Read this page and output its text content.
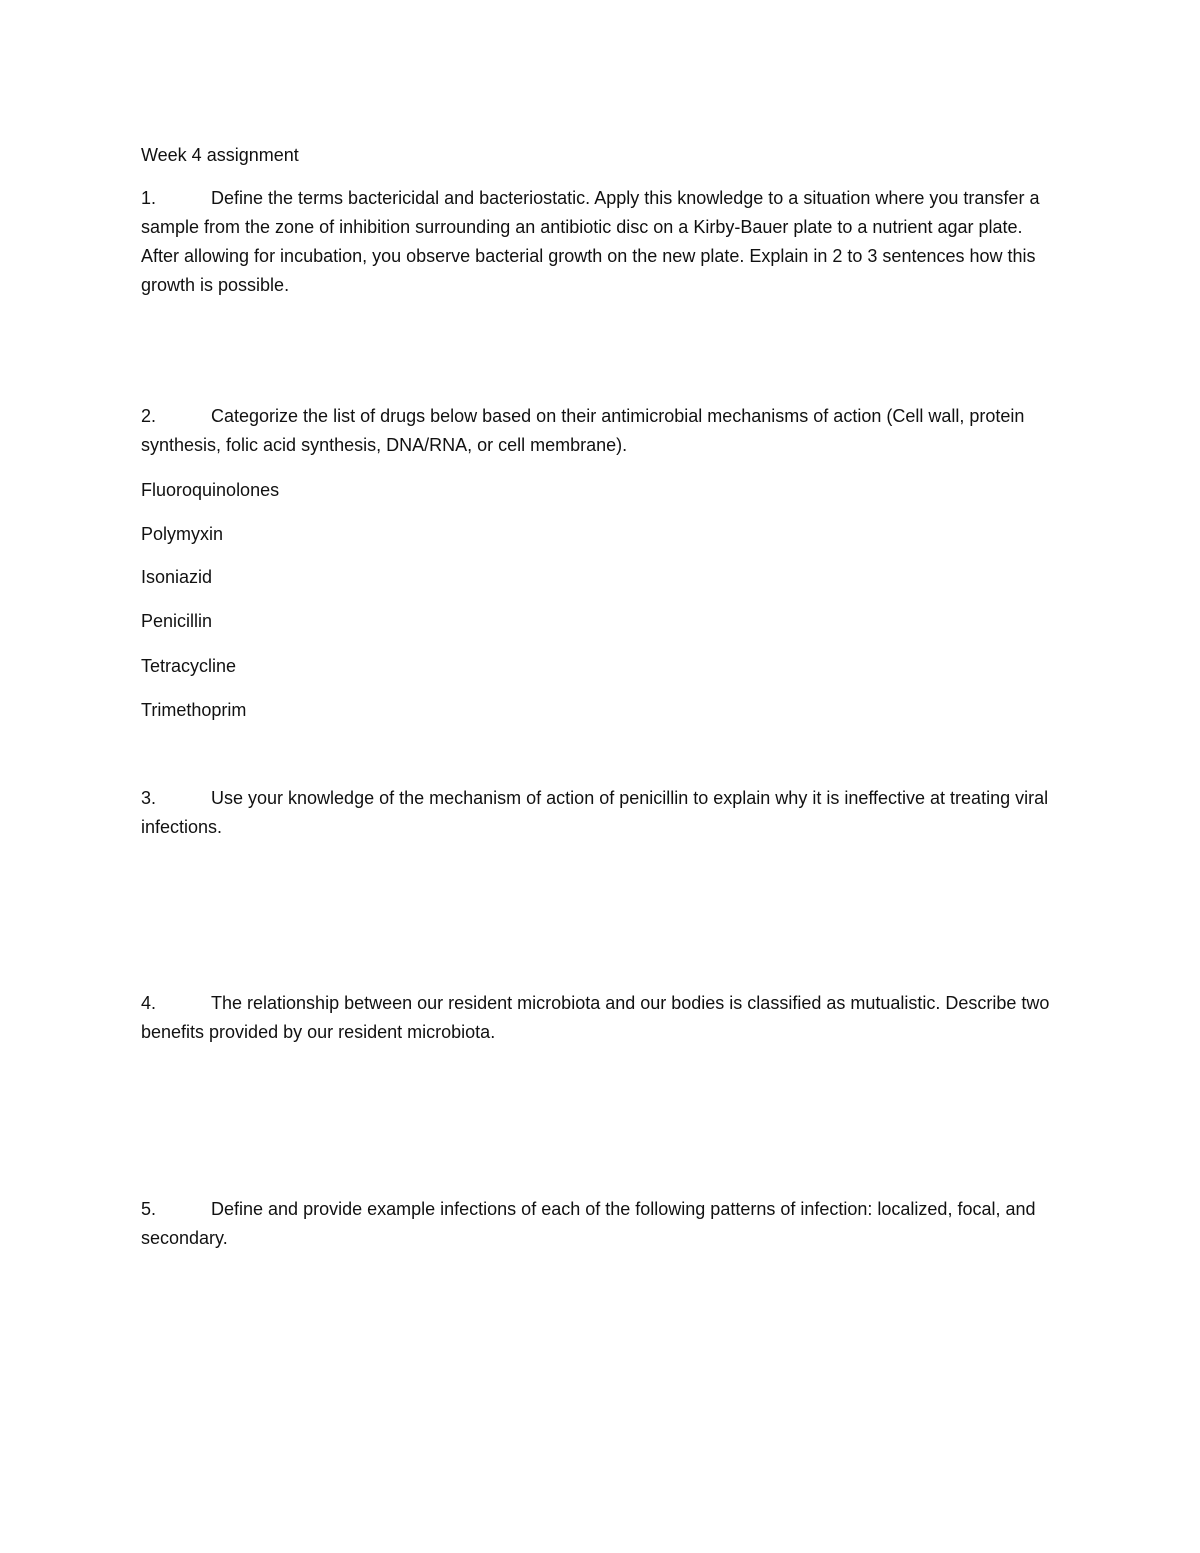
Week 4 assignment
1.	Define the terms bactericidal and bacteriostatic. Apply this knowledge to a situation where you transfer a sample from the zone of inhibition surrounding an antibiotic disc on a Kirby-Bauer plate to a nutrient agar plate. After allowing for incubation, you observe bacterial growth on the new plate. Explain in 2 to 3 sentences how this growth is possible.
2.	Categorize the list of drugs below based on their antimicrobial mechanisms of action (Cell wall, protein synthesis, folic acid synthesis, DNA/RNA, or cell membrane).
Fluoroquinolones
Polymyxin
Isoniazid
Penicillin
Tetracycline
Trimethoprim
3.	Use your knowledge of the mechanism of action of penicillin to explain why it is ineffective at treating viral infections.
4.	The relationship between our resident microbiota and our bodies is classified as mutualistic. Describe two benefits provided by our resident microbiota.
5.	Define and provide example infections of each of the following patterns of infection: localized, focal, and secondary.
